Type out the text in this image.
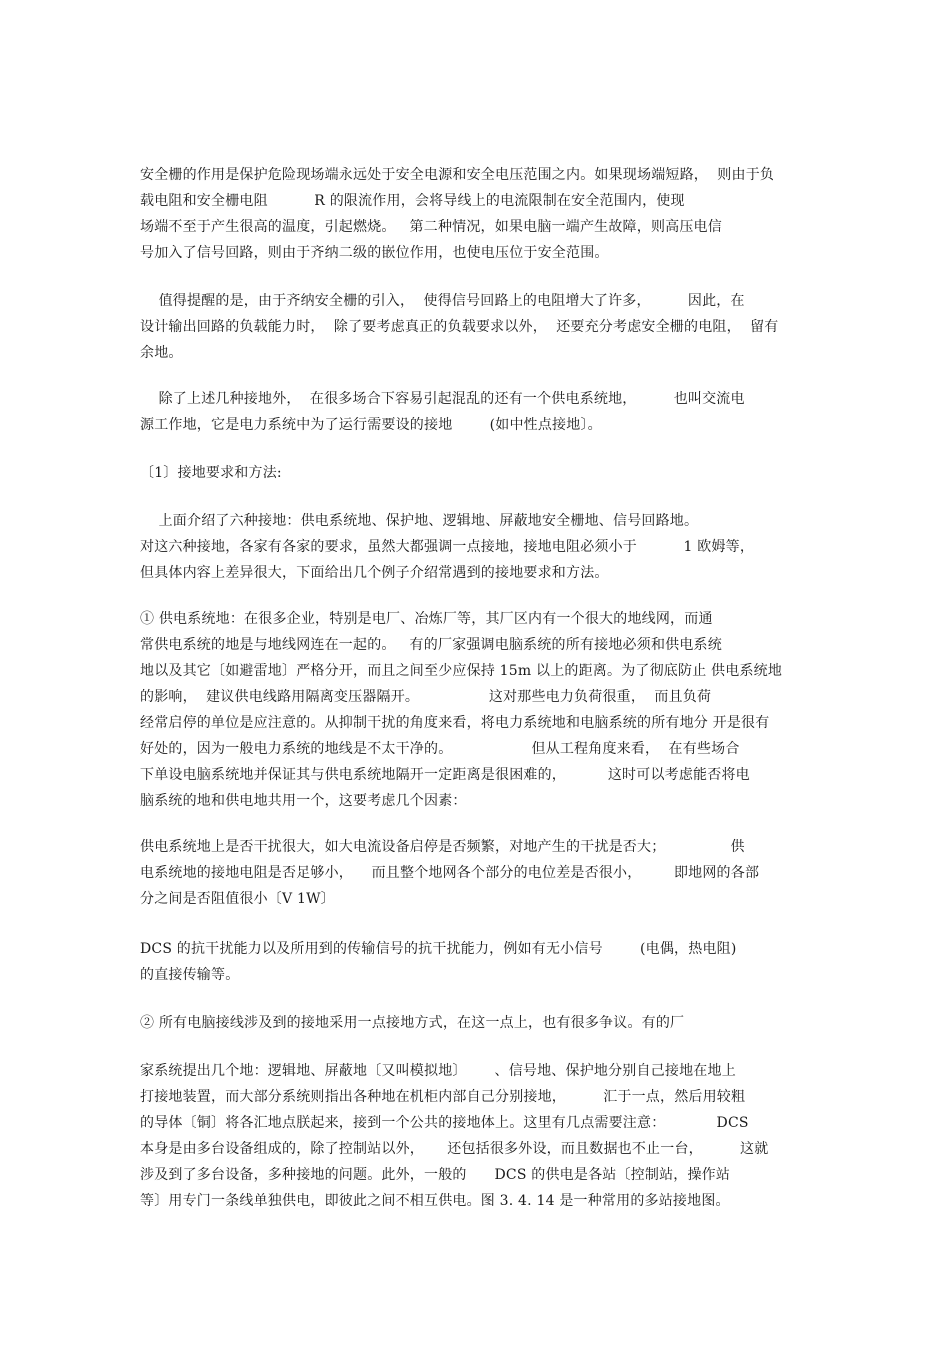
安全栅的作用是保护危险现场端永远处于安全电源和安全电压范围之内。如果现场端短路，  则由于负
载电阻和安全栅电阻          R 的限流作用，会将导线上的电流限制在安全范围内，使现
场端不至于产生很高的温度，引起燃烧。   第二种情况，如果电脑一端产生故障，则高压电信
号加入了信号回路，则由于齐纳二级的嵌位作用，也使电压位于安全范围。
值得提醒的是，由于齐纳安全栅的引入，  使得信号回路上的电阻增大了许多，        因此，在
设计输出回路的负载能力时，  除了要考虑真正的负载要求以外，  还要充分考虑安全栅的电阻，  留有
余地。
除了上述几种接地外，  在很多场合下容易引起混乱的还有一个供电系统地，        也叫交流电
源工作地，它是电力系统中为了运行需要设的接地        (如中性点接地〕。
〔1〕接地要求和方法:
上面介绍了六种接地：供电系统地、保护地、逻辑地、屏蔽地安全栅地、信号回路地。
对这六种接地，各家有各家的要求，虽然大都强调一点接地，接地电阻必须小于          1 欧姆等，
但具体内容上差异很大，下面给出几个例子介绍常遇到的接地要求和方法。
① 供电系统地：在很多企业，特别是电厂、冶炼厂等，其厂区内有一个很大的地线网，而通
常供电系统的地是与地线网连在一起的。   有的厂家强调电脑系统的所有接地必须和供电系统
地以及其它〔如避雷地〕严格分开，而且之间至少应保持 15m 以上的距离。为了彻底防止 供电系统地
的影响，  建议供电线路用隔离变压器隔开。               这对那些电力负荷很重，  而且负荷
经常启停的单位是应注意的。从抑制干扰的角度来看，将电力系统地和电脑系统的所有地分 开是很有
好处的，因为一般电力系统的地线是不太干净的。                 但从工程角度来看，  在有些场合
下单设电脑系统地并保证其与供电系统地隔开一定距离是很困难的，         这时可以考虑能否将电
脑系统的地和供电地共用一个，这要考虑几个因素：
供电系统地上是否干扰很大，如大电流设备启停是否频繁，对地产生的干扰是否大；              供
电系统地的接地电阻是否足够小，    而且整个地网各个部分的电位差是否很小，       即地网的各部
分之间是否阻值很小〔V 1W〕
DCS 的抗干扰能力以及所用到的传输信号的抗干扰能力，例如有无小信号        (电偶，热电阻)
的直接传输等。
② 所有电脑接线涉及到的接地采用一点接地方式，在这一点上，也有很多争议。有的厂
家系统提出几个地：逻辑地、屏蔽地〔又叫模拟地〕      、信号地、保护地分别自己接地在地上
打接地装置，而大部分系统则指出各种地在机柜内部自己分别接地，        汇于一点，然后用较粗
的导体〔铜〕将各汇地点朕起来，接到一个公共的接地体上。这里有几点需要注意：           DCS
本身是由多台设备组成的，除了控制站以外，     还包括很多外设，而且数据也不止一台，        这就
涉及到了多台设备，多种接地的问题。此外，一般的      DCS 的供电是各站〔控制站，操作站
等〕用专门一条线单独供电，即彼此之间不相互供电。图 3. 4. 14 是一种常用的多站接地图。
